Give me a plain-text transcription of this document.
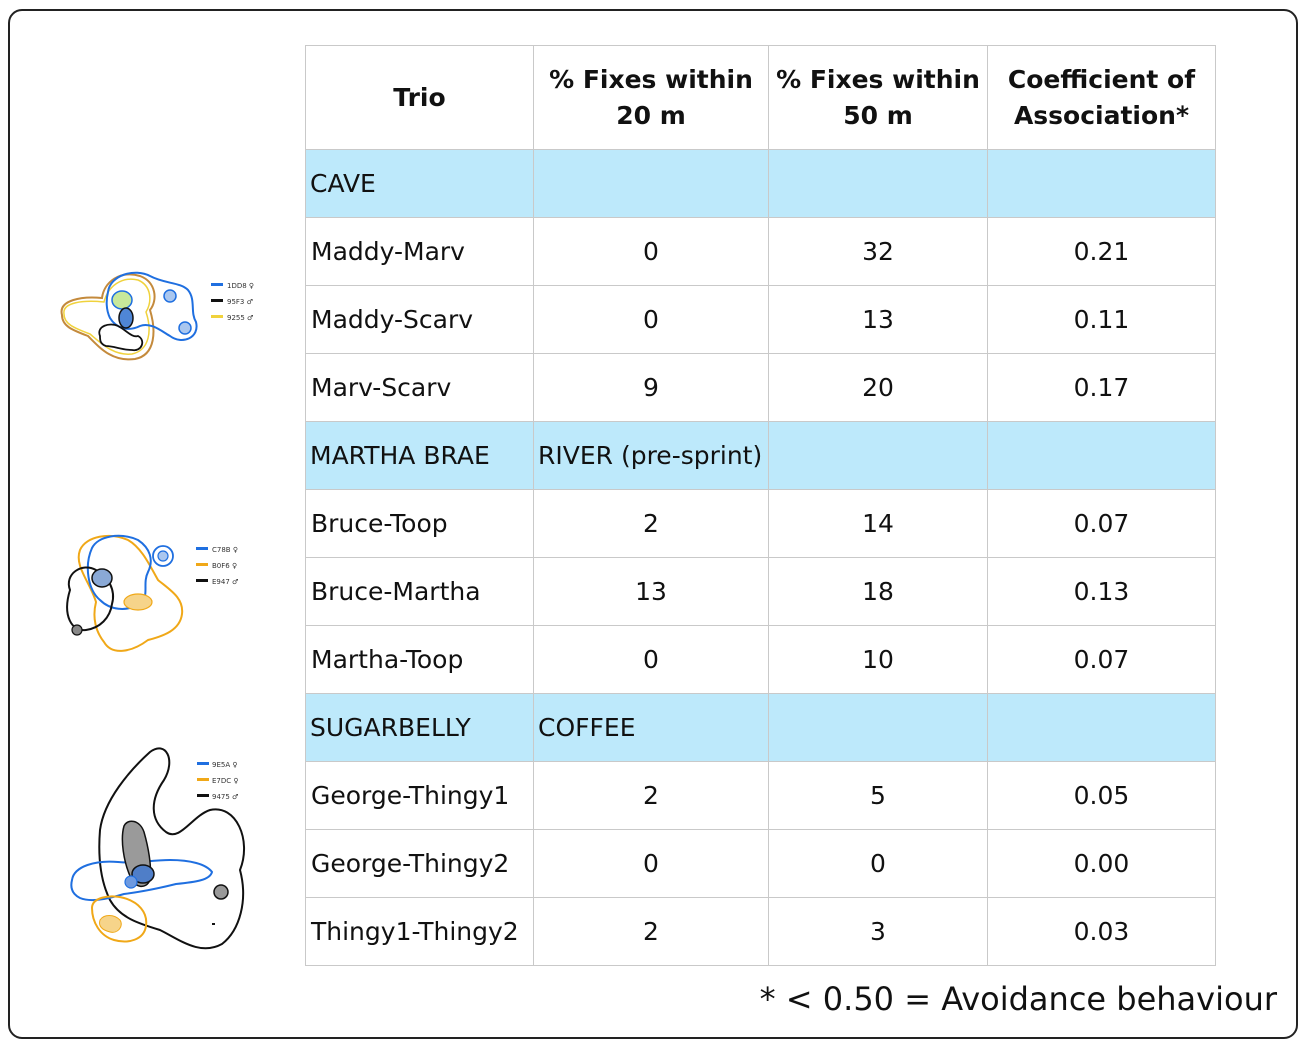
1DD8 ♀
95F3 ♂
9255 ♂
C78B ♀
B0F6 ♀
E947 ♂
9E5A ♀
E7DC ♀
9475 ♂
Trio	% Fixes within 20 m	% Fixes within 50 m	Coefficient of Association*
CAVE			
Maddy-Marv	0	32	0.21
Maddy-Scarv	0	13	0.11
Marv-Scarv	9	20	0.17
MARTHA BRAE	RIVER (pre-sprint)		
Bruce-Toop	2	14	0.07
Bruce-Martha	13	18	0.13
Martha-Toop	0	10	0.07
SUGARBELLY	COFFEE		
George-Thingy1	2	5	0.05
George-Thingy2	0	0	0.00
Thingy1-Thingy2	2	3	0.03
* < 0.50 = Avoidance behaviour
